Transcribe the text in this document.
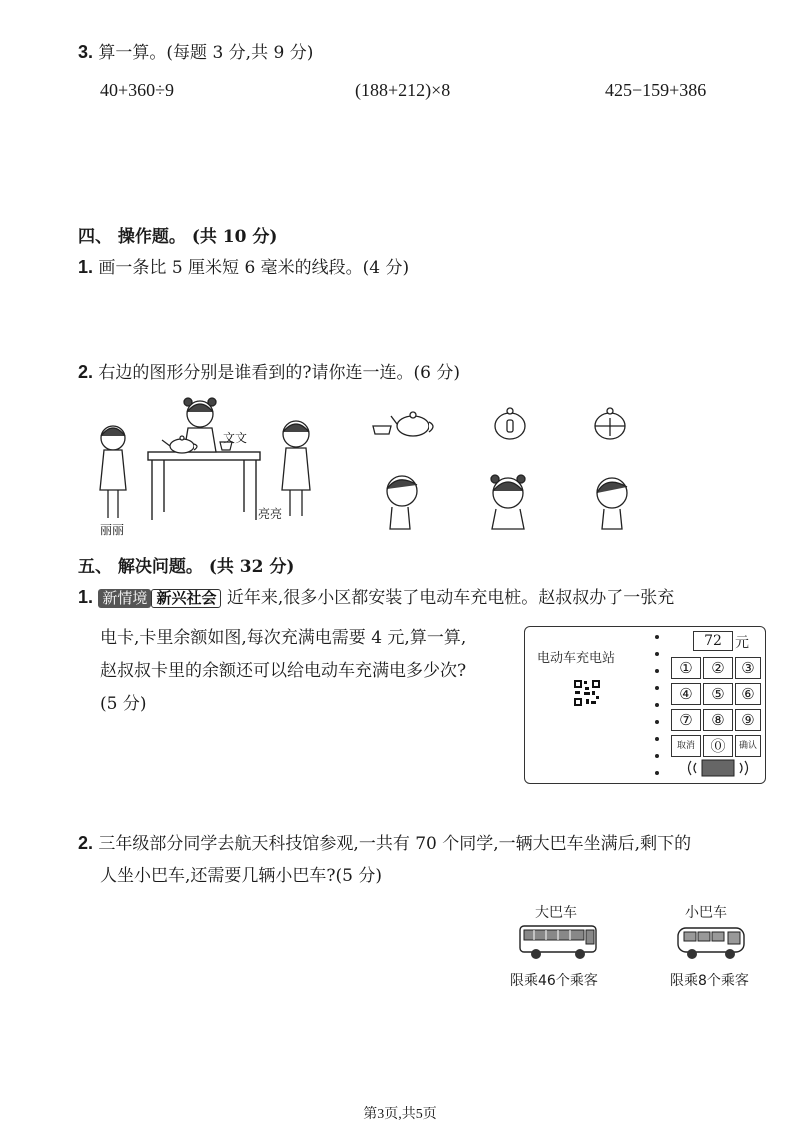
3. 算一算。(每题 3 分,共 9 分)
40+360÷9	(188+212)×8	425−159+386
四、 操作题。 (共 10 分)
1. 画一条比 5 厘米短 6 毫米的线段。(4 分)
2. 右边的图形分别是谁看到的?请你连一连。(6 分)
文文
亮亮
丽丽
五、 解决问题。 (共 32 分)
1. 新情境 新兴社会 近年来,很多小区都安装了电动车充电桩。赵叔叔办了一张充
电卡,卡里余额如图,每次充满电需要 4 元,算一算,
赵叔叔卡里的余额还可以给电动车充满电多少次?
(5 分)
电动车充电站
72 元
①	②	③
④	⑤	⑥
⑦	⑧	⑨
取消	⓪	确认
2. 三年级部分同学去航天科技馆参观,一共有 70 个同学,一辆大巴车坐满后,剩下的
人坐小巴车,还需要几辆小巴车?(5 分)
大巴车
限乘46个乘客
小巴车
限乘8个乘客
第3页,共5页
